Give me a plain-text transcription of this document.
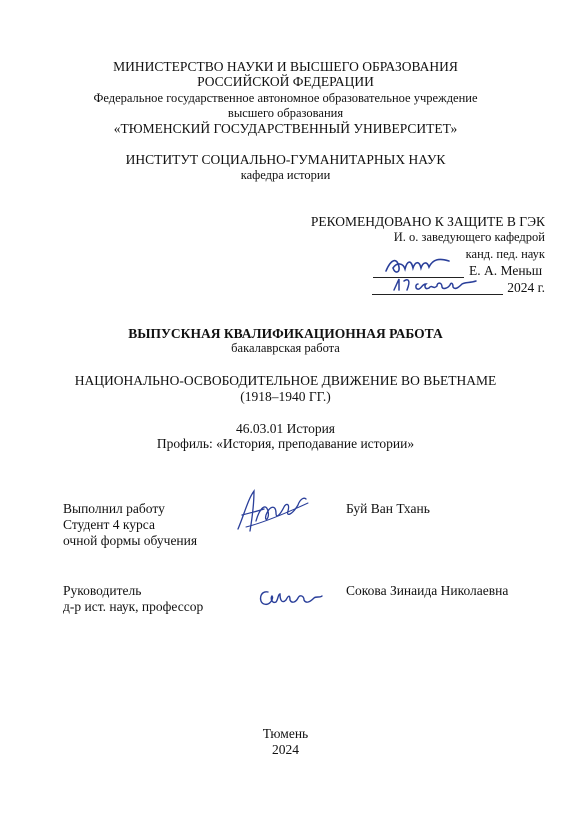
МИНИСТЕРСТВО НАУКИ И ВЫСШЕГО ОБРАЗОВАНИЯ
РОССИЙСКОЙ ФЕДЕРАЦИИ
Федеральное государственное автономное образовательное учреждение
высшего образования
«ТЮМЕНСКИЙ ГОСУДАРСТВЕННЫЙ УНИВЕРСИТЕТ»
ИНСТИТУТ СОЦИАЛЬНО-ГУМАНИТАРНЫХ НАУК
кафедра истории
РЕКОМЕНДОВАНО К ЗАЩИТЕ В ГЭК
И. о. заведующего кафедрой
канд. пед. наук
Е. А. Меньш
2024 г.
ВЫПУСКНАЯ КВАЛИФИКАЦИОННАЯ РАБОТА
бакалаврская работа
НАЦИОНАЛЬНО-ОСВОБОДИТЕЛЬНОЕ ДВИЖЕНИЕ ВО ВЬЕТНАМЕ
(1918–1940 ГГ.)
46.03.01 История
Профиль: «История, преподавание истории»
Выполнил работу
Студент 4 курса
очной формы обучения
Буй Ван Тхань
Руководитель
д-р ист. наук, профессор
Сокова Зинаида Николаевна
Тюмень
2024
